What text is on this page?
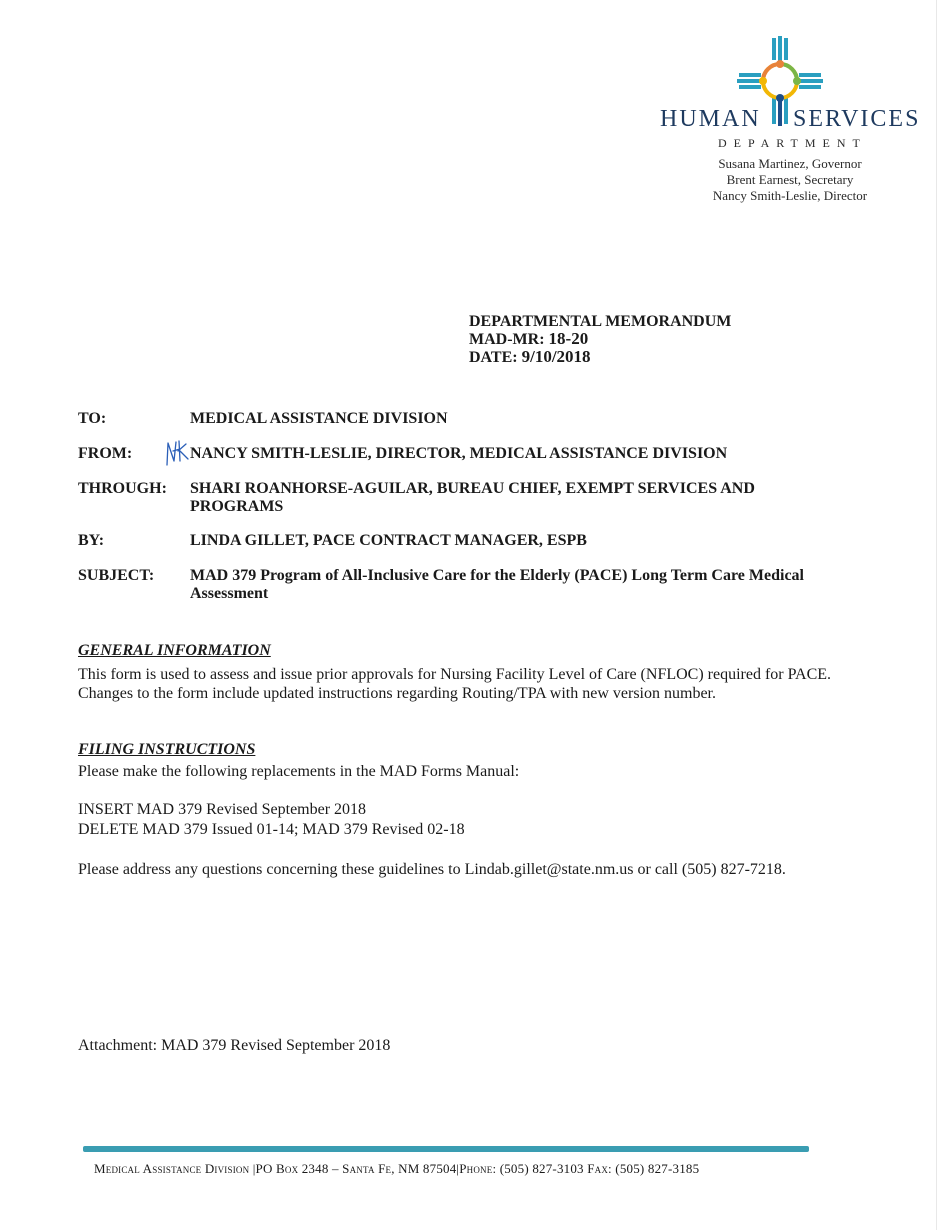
HUMAN SERVICES
DEPARTMENT
Susana Martinez, Governor
Brent Earnest, Secretary
Nancy Smith-Leslie, Director
DEPARTMENTAL MEMORANDUM
MAD-MR: 18-20
DATE: 9/10/2018
TO:	MEDICAL ASSISTANCE DIVISION
FROM:	NANCY SMITH-LESLIE, DIRECTOR, MEDICAL ASSISTANCE DIVISION
THROUGH: SHARI ROANHORSE-AGUILAR, BUREAU CHIEF, EXEMPT SERVICES AND PROGRAMS
BY:	LINDA GILLET, PACE CONTRACT MANAGER, ESPB
SUBJECT: MAD 379 Program of All-Inclusive Care for the Elderly (PACE) Long Term Care Medical Assessment
GENERAL INFORMATION
This form is used to assess and issue prior approvals for Nursing Facility Level of Care (NFLOC) required for PACE. Changes to the form include updated instructions regarding Routing/TPA with new version number.
FILING INSTRUCTIONS
Please make the following replacements in the MAD Forms Manual:
INSERT MAD 379 Revised September 2018
DELETE MAD 379 Issued 01-14; MAD 379 Revised 02-18
Please address any questions concerning these guidelines to Lindab.gillet@state.nm.us or call (505) 827-7218.
Attachment: MAD 379 Revised September 2018
Medical Assistance Division |PO Box 2348 – Santa Fe, NM 87504|Phone: (505) 827-3103 Fax: (505) 827-3185
